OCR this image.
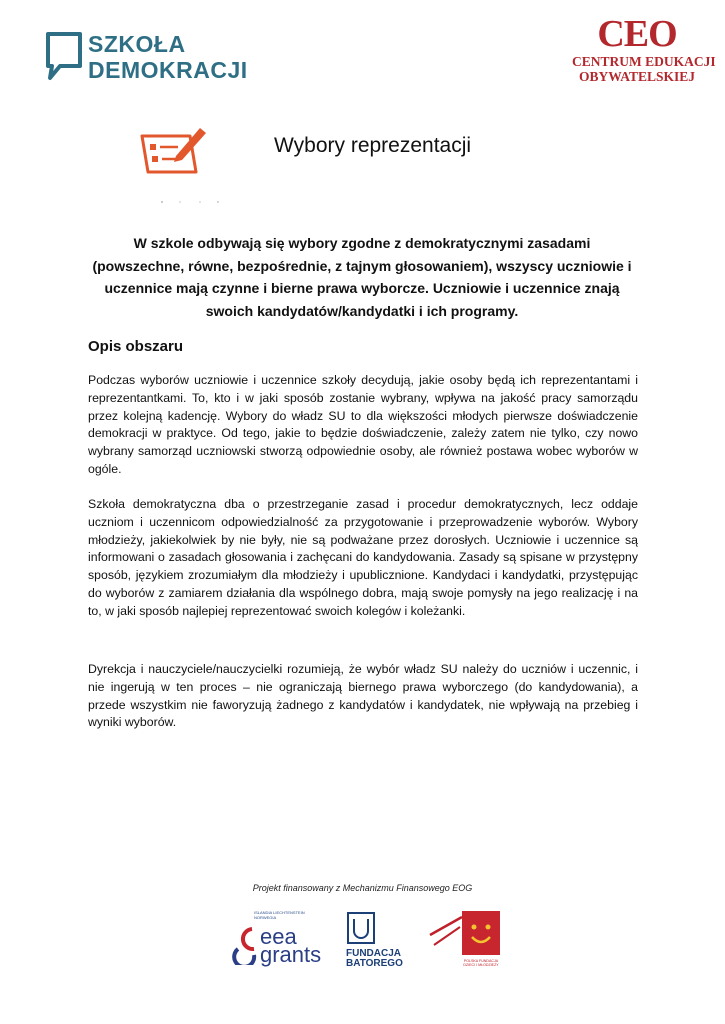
SZKOŁA
DEMOKRACJI
CEO
CENTRUM EDUKACJI
OBYWATELSKIEJ
Wybory reprezentacji
W szkole odbywają się wybory zgodne z demokratycznymi zasadami (powszechne, równe, bezpośrednie, z tajnym głosowaniem), wszyscy uczniowie i uczennice mają czynne i bierne prawa wyborcze. Uczniowie i uczennice znają swoich kandydatów/kandydatki i ich programy.
Opis obszaru
Podczas wyborów uczniowie i uczennice szkoły decydują, jakie osoby będą ich reprezentantami i reprezentantkami. To, kto i w jaki sposób zostanie wybrany, wpływa na jakość pracy samorządu przez kolejną kadencję. Wybory do władz SU to dla większości młodych pierwsze doświadczenie demokracji w praktyce. Od tego, jakie to będzie doświadczenie, zależy zatem nie tylko, czy nowo wybrany samorząd uczniowski stworzą odpowiednie osoby, ale również postawa wobec wyborów w ogóle.
Szkoła demokratyczna dba o przestrzeganie zasad i procedur demokratycznych, lecz oddaje uczniom i uczennicom odpowiedzialność za przygotowanie i przeprowadzenie wyborów. Wybory młodzieży, jakiekolwiek by nie były, nie są podważane przez dorosłych. Uczniowie i uczennice są informowani o zasadach głosowania i zachęcani do kandydowania. Zasady są spisane w przystępny sposób, językiem zrozumiałym dla młodzieży i upublicznione. Kandydaci i kandydatki, przystępując do wyborów z zamiarem działania dla wspólnego dobra, mają swoje pomysły na jego realizację i na to, w jaki sposób najlepiej reprezentować swoich kolegów i koleżanki.
Dyrekcja i nauczyciele/nauczycielki rozumieją, że wybór władz SU należy do uczniów i uczennic, i nie ingerują w ten proces – nie ograniczają biernego prawa wyborczego (do kandydowania), a przede wszystkim nie faworyzują żadnego z kandydatów i kandydatek, nie wpływają na przebieg i wyniki wyborów.
Projekt finansowany z Mechanizmu Finansowego EOG
ISLANDIA LIECHTENSTEIN NORWEGIA
eea
grants FUNDACJA
BATOREGO	POLSKA FUNDACJA DZIECI I MŁODZIEŻY
